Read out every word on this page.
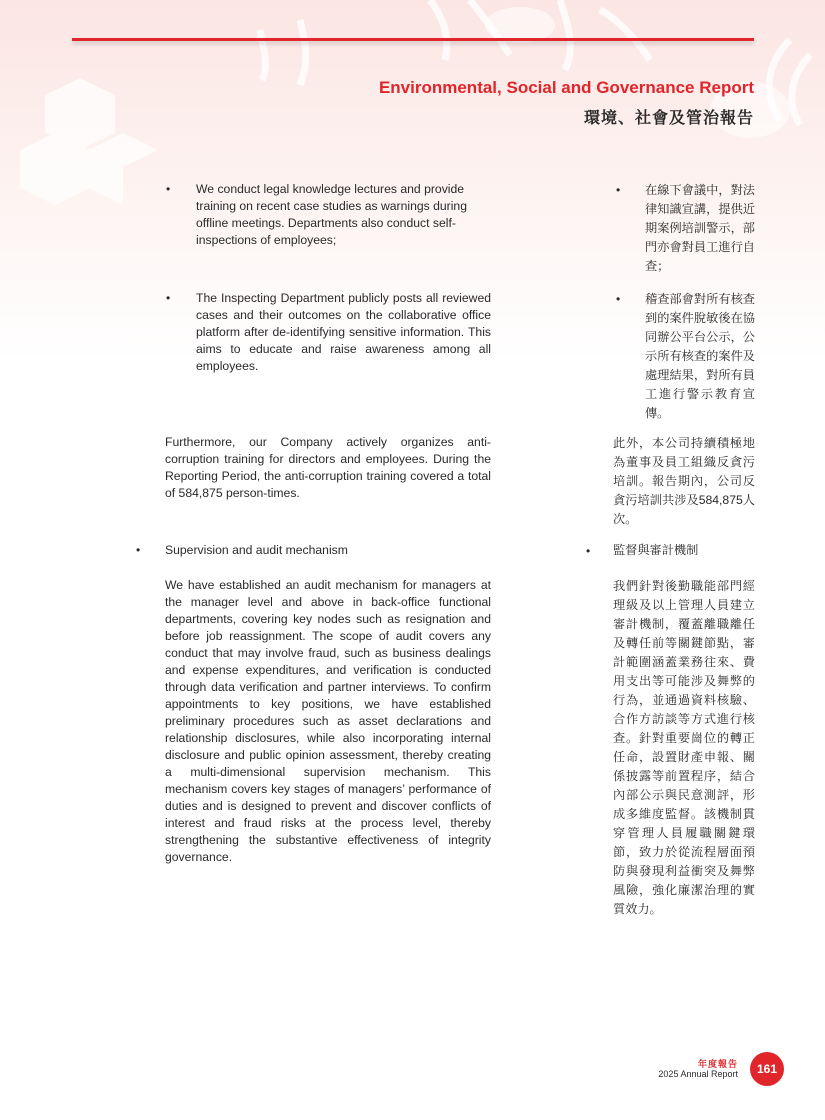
Environmental, Social and Governance Report
環境、社會及管治報告
• We conduct legal knowledge lectures and provide training on recent case studies as warnings during offline meetings. Departments also conduct self-inspections of employees;
• The Inspecting Department publicly posts all reviewed cases and their outcomes on the collaborative office platform after de-identifying sensitive information. This aims to educate and raise awareness among all employees.
• 在線下會議中，對法律知識宣講，提供近期案例培訓警示，部門亦會對員工進行自查；
• 稽查部會對所有核查到的案件脫敏後在協同辦公平台公示，公示所有核查的案件及處理結果，對所有員工進行警示教育宣傳。
Furthermore, our Company actively organizes anti-corruption training for directors and employees. During the Reporting Period, the anti-corruption training covered a total of 584,875 person-times.
此外，本公司持續積極地為董事及員工組織反貪污培訓。報告期內，公司反貪污培訓共涉及584,875人次。
• Supervision and audit mechanism	• 監督與審計機制
We have established an audit mechanism for managers at the manager level and above in back-office functional departments, covering key nodes such as resignation and before job reassignment. The scope of audit covers any conduct that may involve fraud, such as business dealings and expense expenditures, and verification is conducted through data verification and partner interviews. To confirm appointments to key positions, we have established preliminary procedures such as asset declarations and relationship disclosures, while also incorporating internal disclosure and public opinion assessment, thereby creating a multi-dimensional supervision mechanism. This mechanism covers key stages of managers’ performance of duties and is designed to prevent and discover conflicts of interest and fraud risks at the process level, thereby strengthening the substantive effectiveness of integrity governance.
我們針對後勤職能部門經理級及以上管理人員建立審計機制，覆蓋離職離任及轉任前等關鍵節點，審計範圍涵蓋業務往來、費用支出等可能涉及舞弊的行為，並通過資料核驗、合作方訪談等方式進行核查。針對重要崗位的轉正任命，設置財產申報、關係披露等前置程序，結合內部公示與民意測評，形成多維度監督。該機制貫穿管理人員履職關鍵環節，致力於從流程層面預防與發現利益衝突及舞弊風險，強化廉潔治理的實質效力。
年度報告
2025 Annual Report	161
